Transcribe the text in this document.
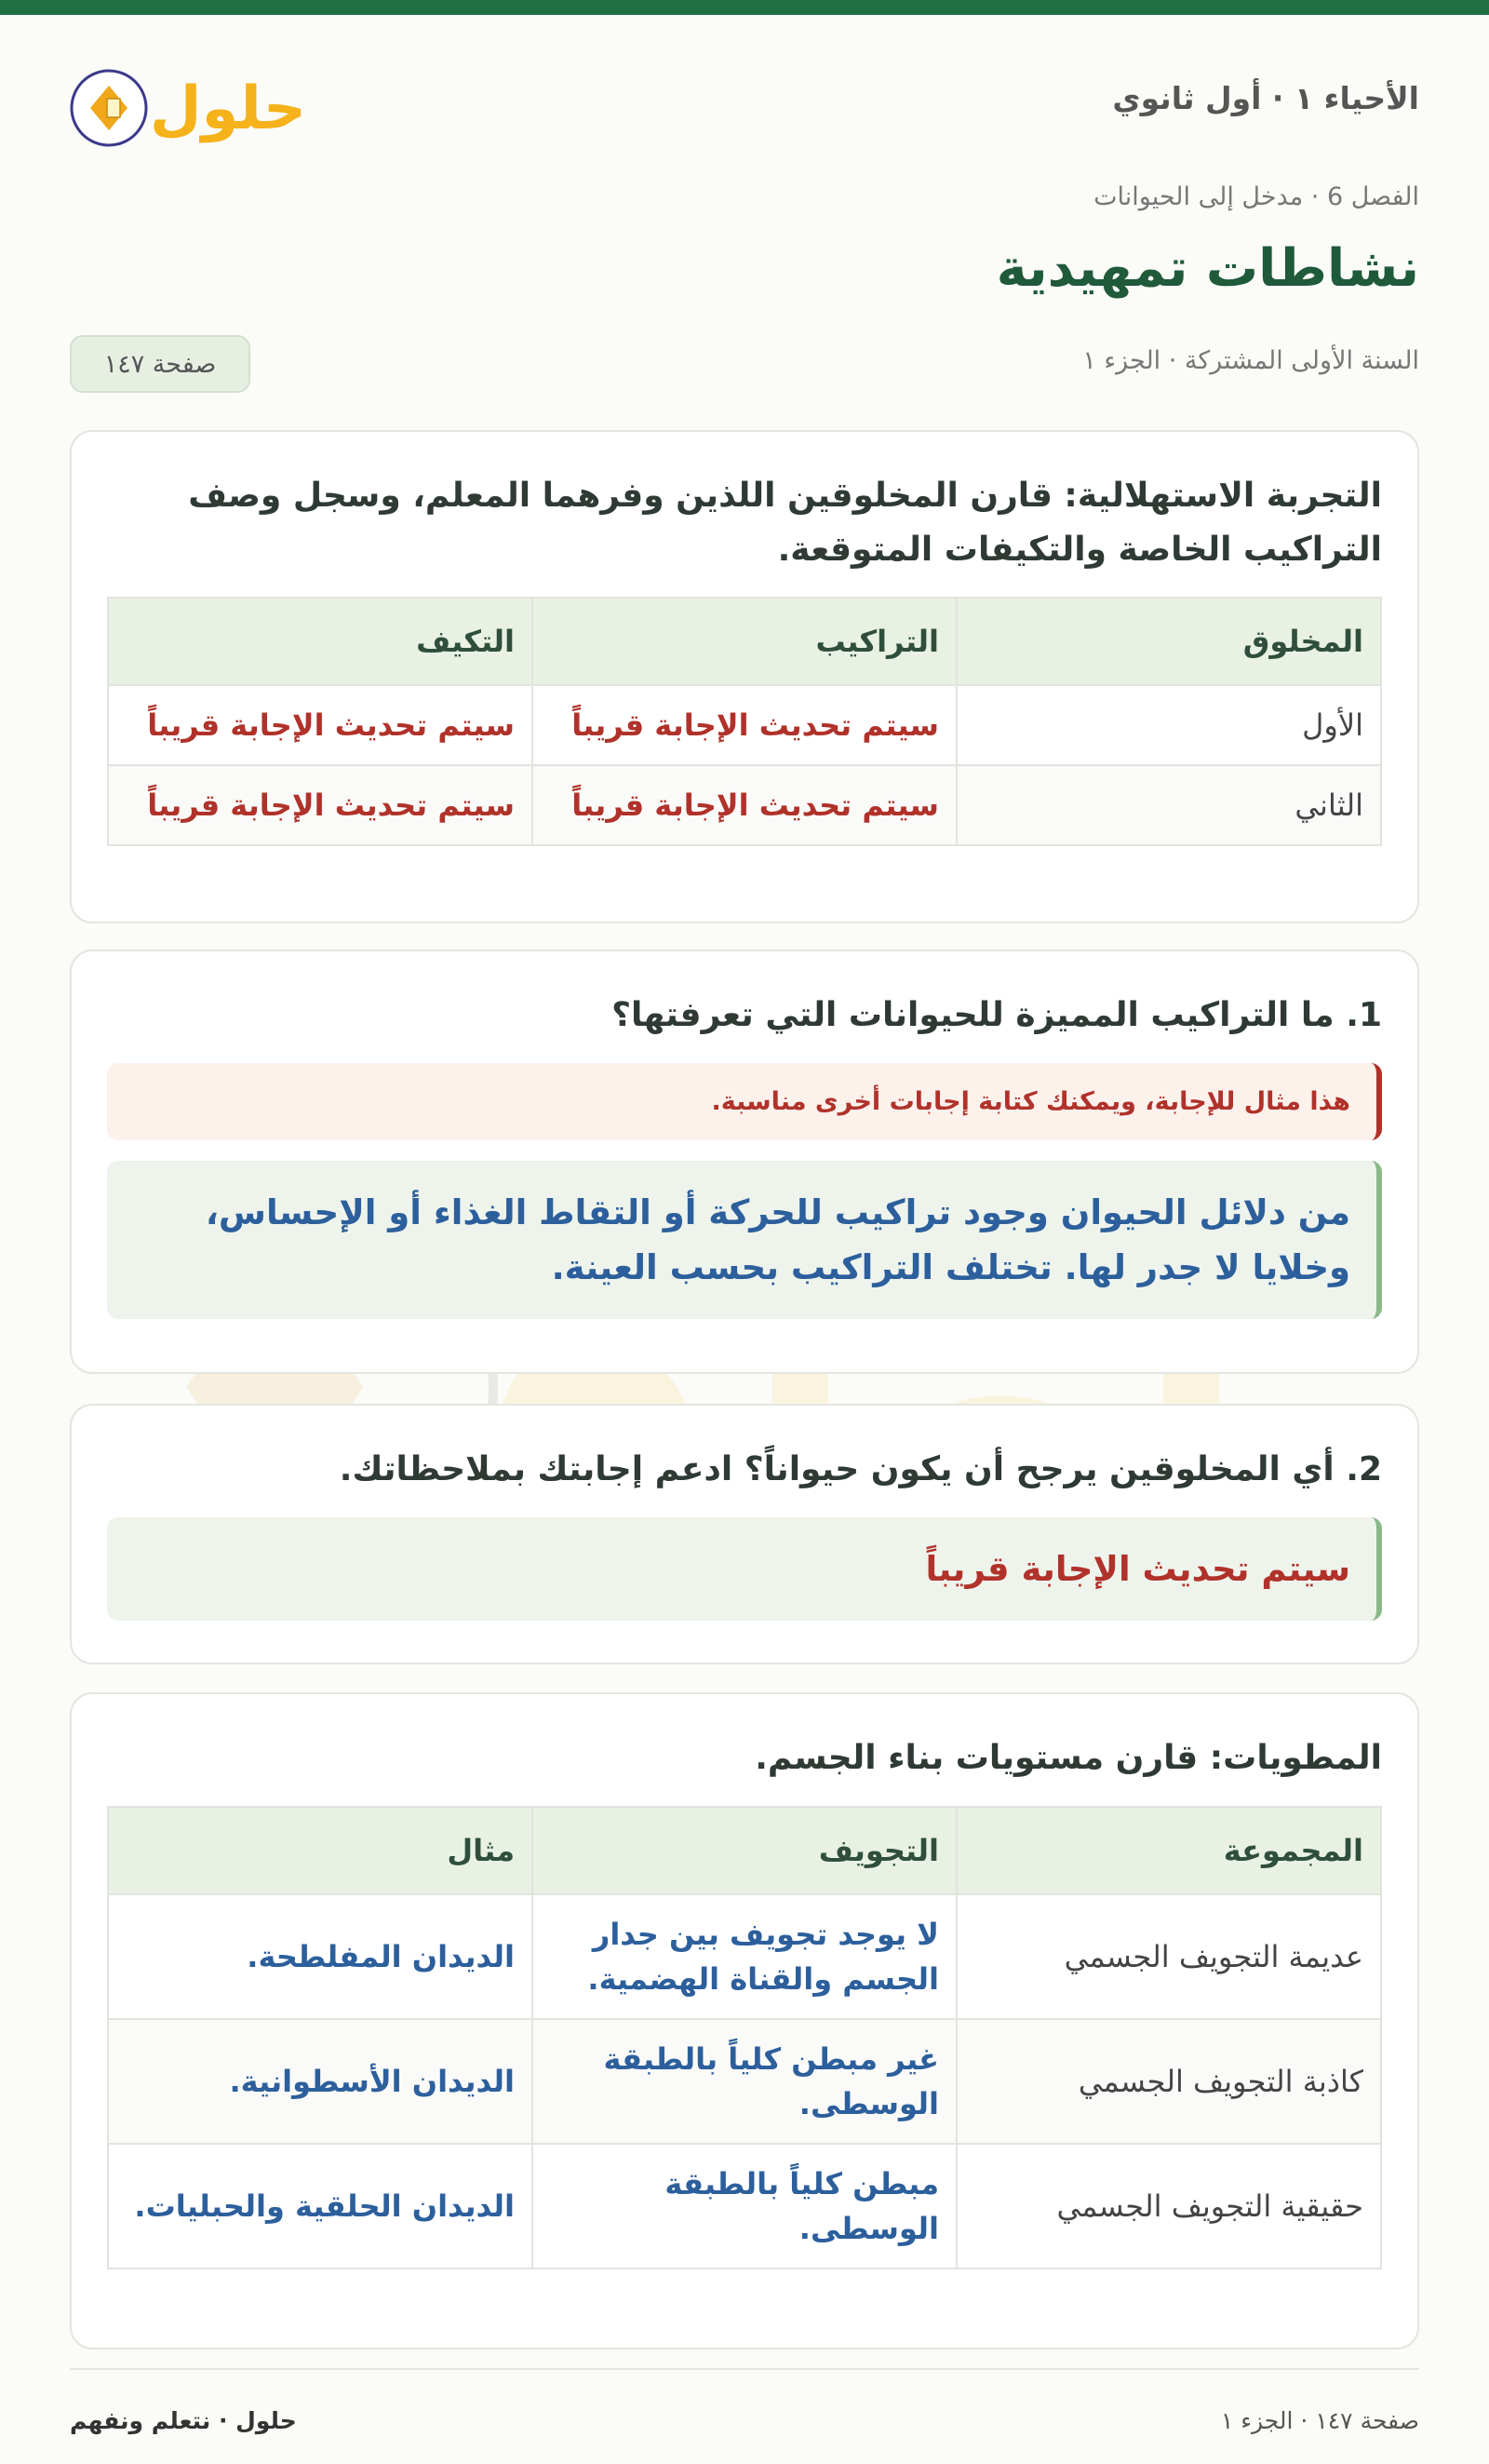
حلول	الأحياء ١ · أول ثانوي
الفصل 6 · مدخل إلى الحيوانات
نشاطات تمهيدية
السنة الأولى المشتركة · الجزء ١
صفحة ١٤٧

التجربة الاستهلالية: قارن المخلوقين اللذين وفرهما المعلم، وسجل وصف التراكيب الخاصة والتكيفات المتوقعة.

المخلوق	التراكيب	التكيف
الأول	سيتم تحديث الإجابة قريباً	سيتم تحديث الإجابة قريباً
الثاني	سيتم تحديث الإجابة قريباً	سيتم تحديث الإجابة قريباً

1. ما التراكيب المميزة للحيوانات التي تعرفتها؟

هذا مثال للإجابة، ويمكنك كتابة إجابات أخرى مناسبة.
من دلائل الحيوان وجود تراكيب للحركة أو التقاط الغذاء أو الإحساس، وخلايا لا جدر لها. تختلف التراكيب بحسب العينة.

2. أي المخلوقين يرجح أن يكون حيواناً؟ ادعم إجابتك بملاحظاتك.

سيتم تحديث الإجابة قريباً

المطويات: قارن مستويات بناء الجسم.

المجموعة	التجويف	مثال
عديمة التجويف الجسمي	لا يوجد تجويف بين جدار الجسم والقناة الهضمية.	الديدان المفلطحة.
كاذبة التجويف الجسمي	غير مبطن كلياً بالطبقة الوسطى.	الديدان الأسطوانية.
حقيقية التجويف الجسمي	مبطن كلياً بالطبقة الوسطى.	الديدان الحلقية والحبليات.
صفحة ١٤٧ · الجزء ١
حلول · نتعلم ونفهم
